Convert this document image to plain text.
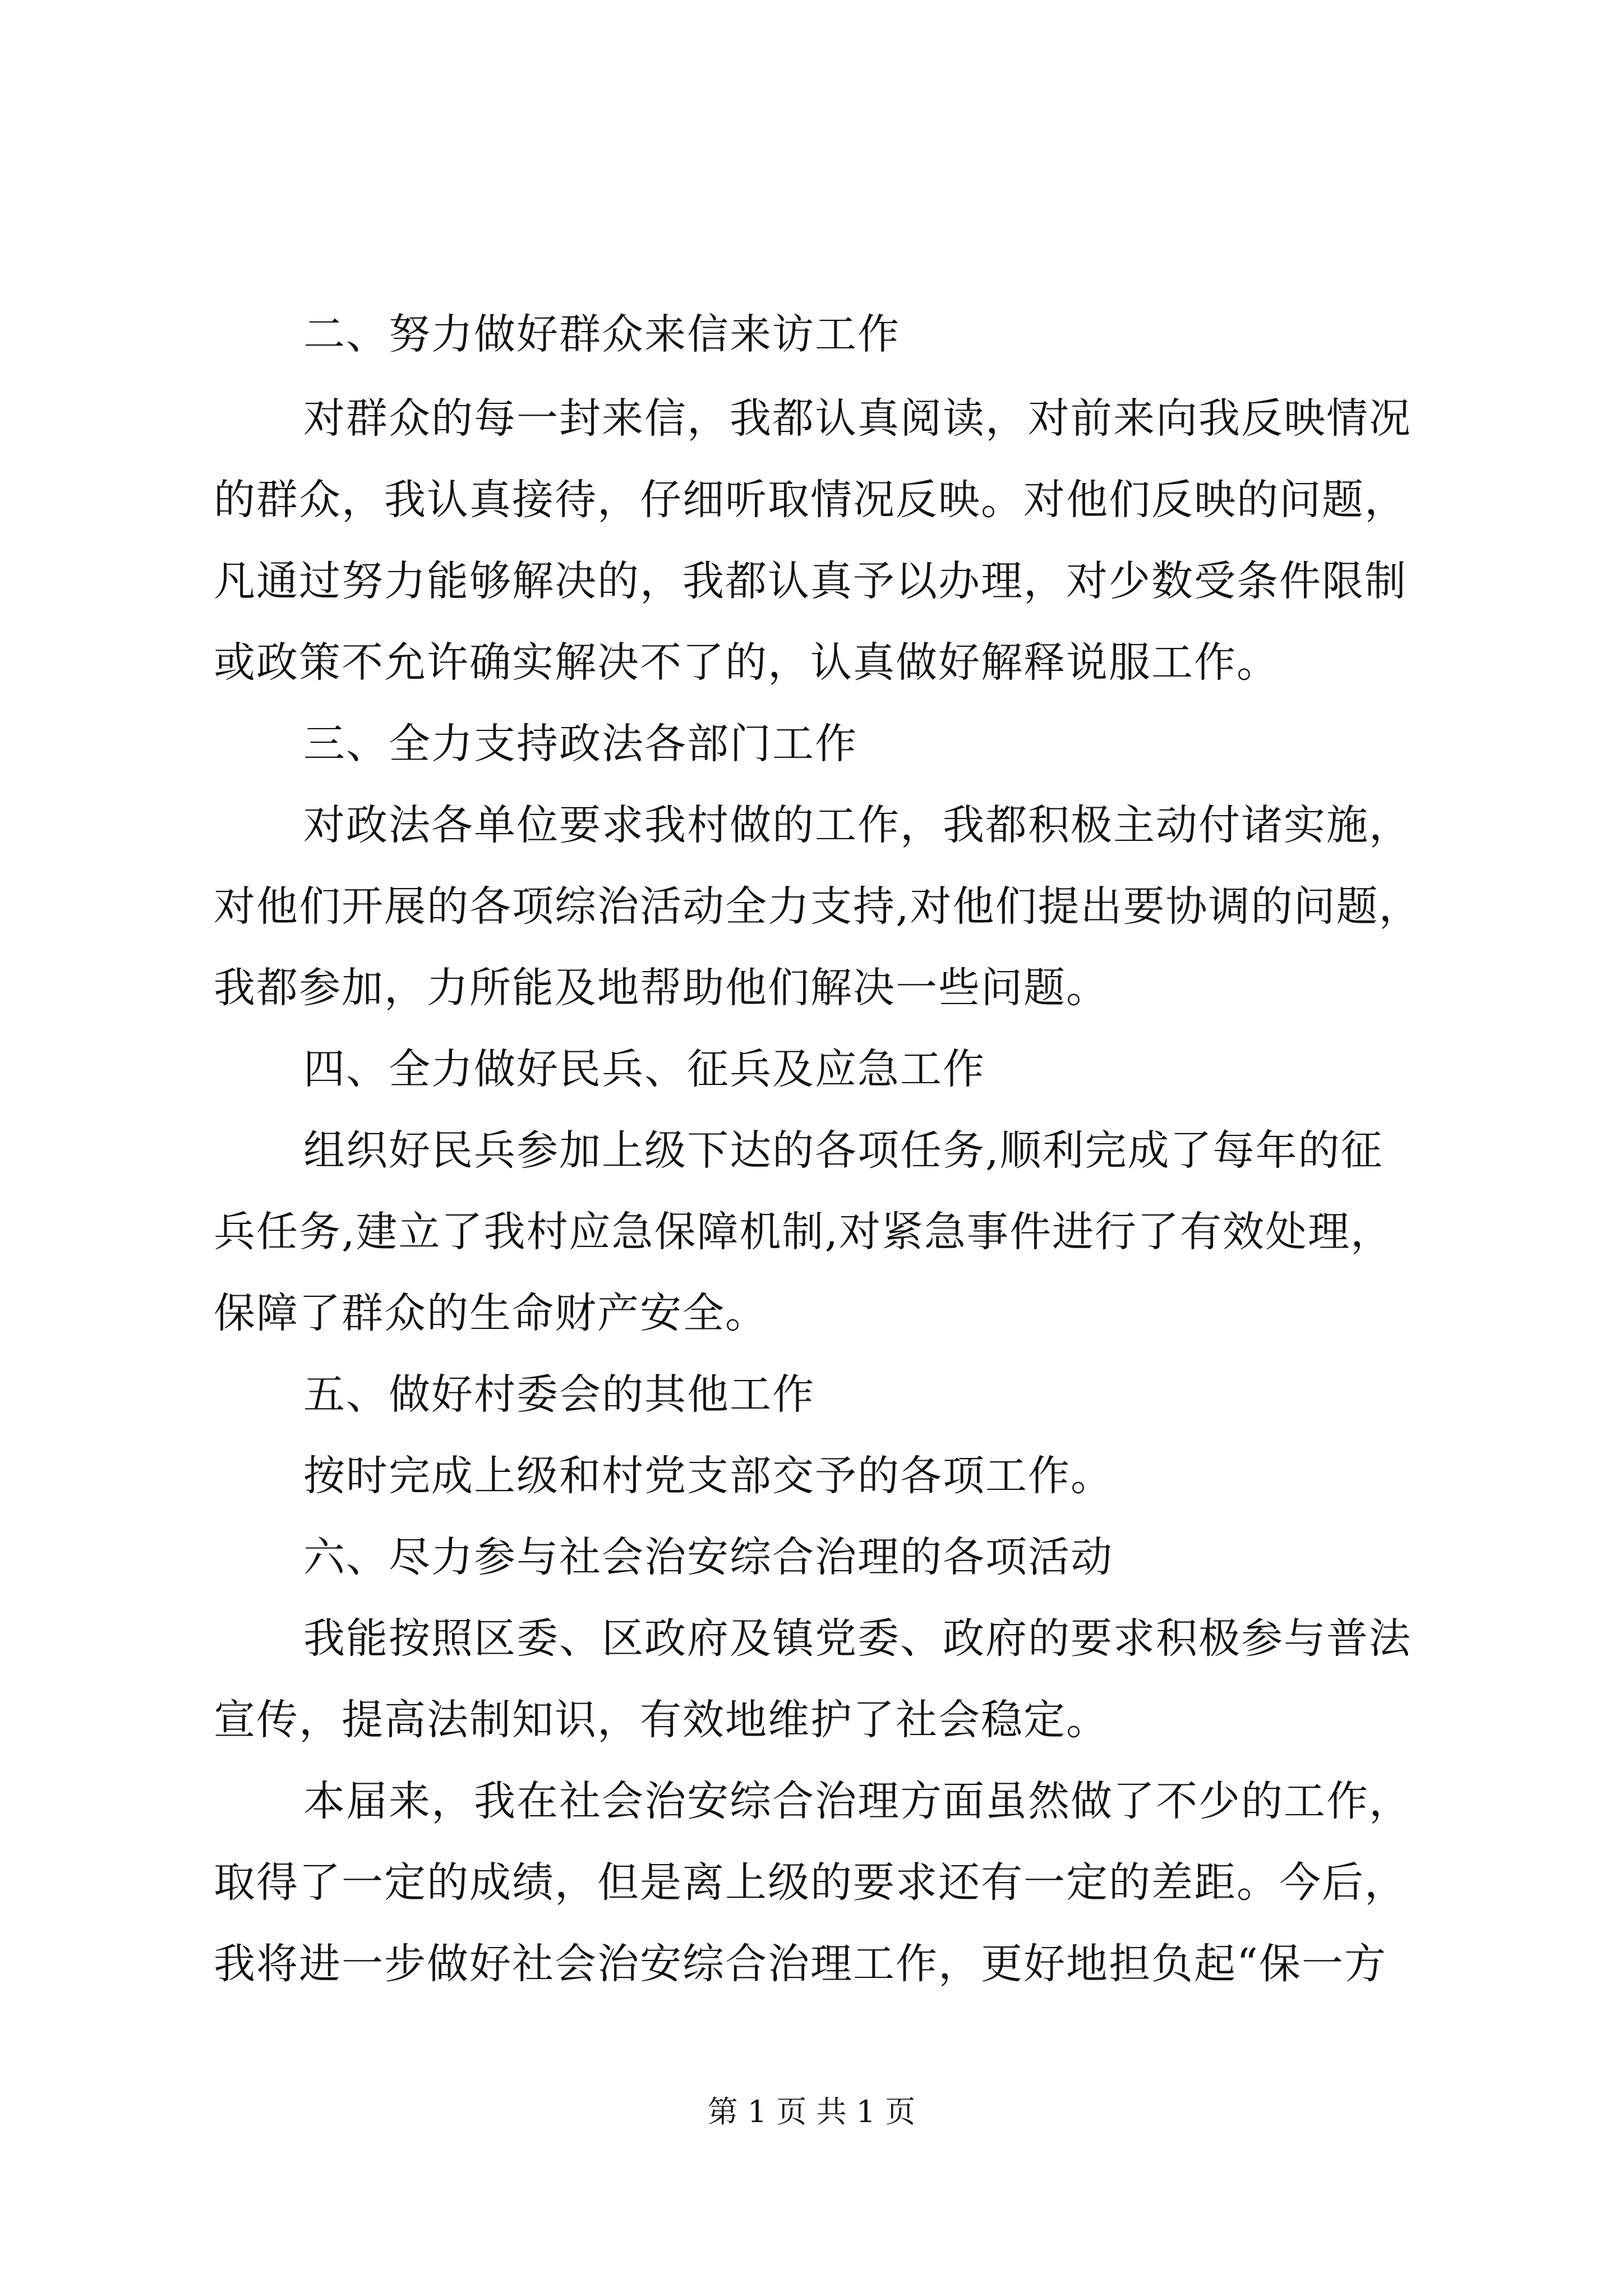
二、努力做好群众来信来访工作
对群众的每一封来信，我都认真阅读，对前来向我反映情况
的群众，我认真接待，仔细听取情况反映。对他们反映的问题，
凡通过努力能够解决的，我都认真予以办理，对少数受条件限制
或政策不允许确实解决不了的，认真做好解释说服工作。
三、全力支持政法各部门工作
对政法各单位要求我村做的工作，我都积极主动付诸实施，
对他们开展的各项综治活动全力支持,对他们提出要协调的问题，
我都参加，力所能及地帮助他们解决一些问题。
四、全力做好民兵、征兵及应急工作
组织好民兵参加上级下达的各项任务,顺利完成了每年的征
兵任务,建立了我村应急保障机制,对紧急事件进行了有效处理，
保障了群众的生命财产安全。
五、做好村委会的其他工作
按时完成上级和村党支部交予的各项工作。
六、尽力参与社会治安综合治理的各项活动
我能按照区委、区政府及镇党委、政府的要求积极参与普法
宣传，提高法制知识，有效地维护了社会稳定。
本届来，我在社会治安综合治理方面虽然做了不少的工作，
取得了一定的成绩，但是离上级的要求还有一定的差距。今后，
我将进一步做好社会治安综合治理工作，更好地担负起“保一方
第 1 页 共 1 页
